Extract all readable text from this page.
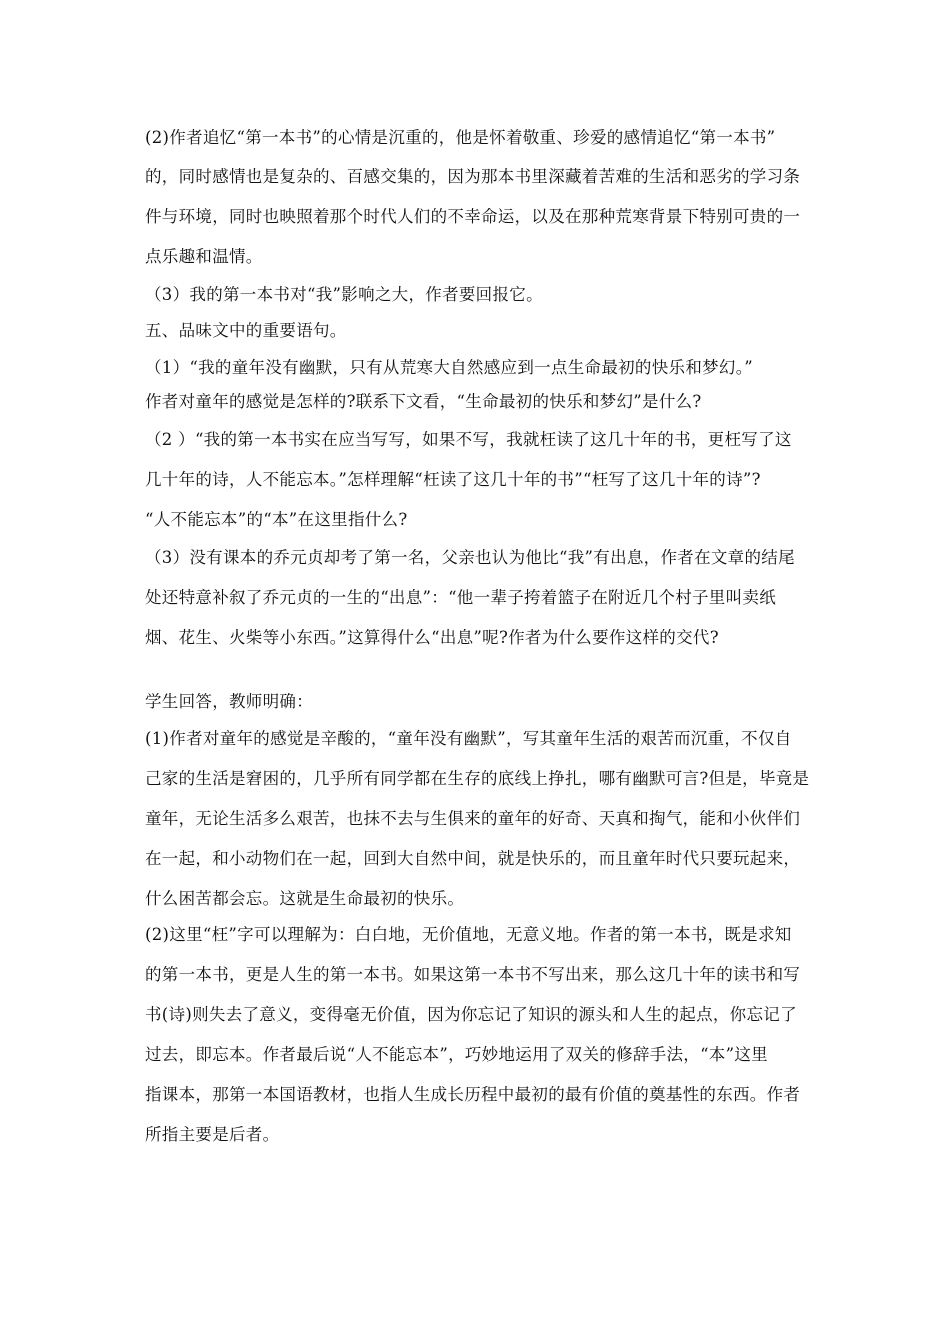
(2)作者追忆“第一本书”的心情是沉重的，他是怀着敬重、珍爱的感情追忆“第一本书”
的，同时感情也是复杂的、百感交集的，因为那本书里深藏着苦难的生活和恶劣的学习条
件与环境，同时也映照着那个时代人们的不幸命运，以及在那种荒寒背景下特别可贵的一
点乐趣和温情。
（3）我的第一本书对“我”影响之大，作者要回报它。
五、品味文中的重要语句。
（1）“我的童年没有幽默，只有从荒寒大自然感应到一点生命最初的快乐和梦幻。”
作者对童年的感觉是怎样的?联系下文看，“生命最初的快乐和梦幻”是什么?
（2 ）“我的第一本书实在应当写写，如果不写，我就枉读了这几十年的书，更枉写了这
几十年的诗，人不能忘本。”怎样理解“枉读了这几十年的书”“枉写了这几十年的诗”?
“人不能忘本”的“本”在这里指什么?
（3）没有课本的乔元贞却考了第一名，父亲也认为他比“我”有出息，作者在文章的结尾
处还特意补叙了乔元贞的一生的“出息”：“他一辈子挎着篮子在附近几个村子里叫卖纸
烟、花生、火柴等小东西。”这算得什么“出息”呢?作者为什么要作这样的交代?
学生回答，教师明确：
(1)作者对童年的感觉是辛酸的，“童年没有幽默”，写其童年生活的艰苦而沉重，不仅自
己家的生活是窘困的，几乎所有同学都在生存的底线上挣扎，哪有幽默可言?但是，毕竟是
童年，无论生活多么艰苦，也抹不去与生俱来的童年的好奇、天真和掏气，能和小伙伴们
在一起，和小动物们在一起，回到大自然中间，就是快乐的，而且童年时代只要玩起来，
什么困苦都会忘。这就是生命最初的快乐。
(2)这里“枉”字可以理解为：白白地，无价值地，无意义地。作者的第一本书，既是求知
的第一本书，更是人生的第一本书。如果这第一本书不写出来，那么这几十年的读书和写
书(诗)则失去了意义，变得毫无价值，因为你忘记了知识的源头和人生的起点，你忘记了
过去，即忘本。作者最后说“人不能忘本”，巧妙地运用了双关的修辞手法，“本”这里
指课本，那第一本国语教材，也指人生成长历程中最初的最有价值的奠基性的东西。作者
所指主要是后者。
